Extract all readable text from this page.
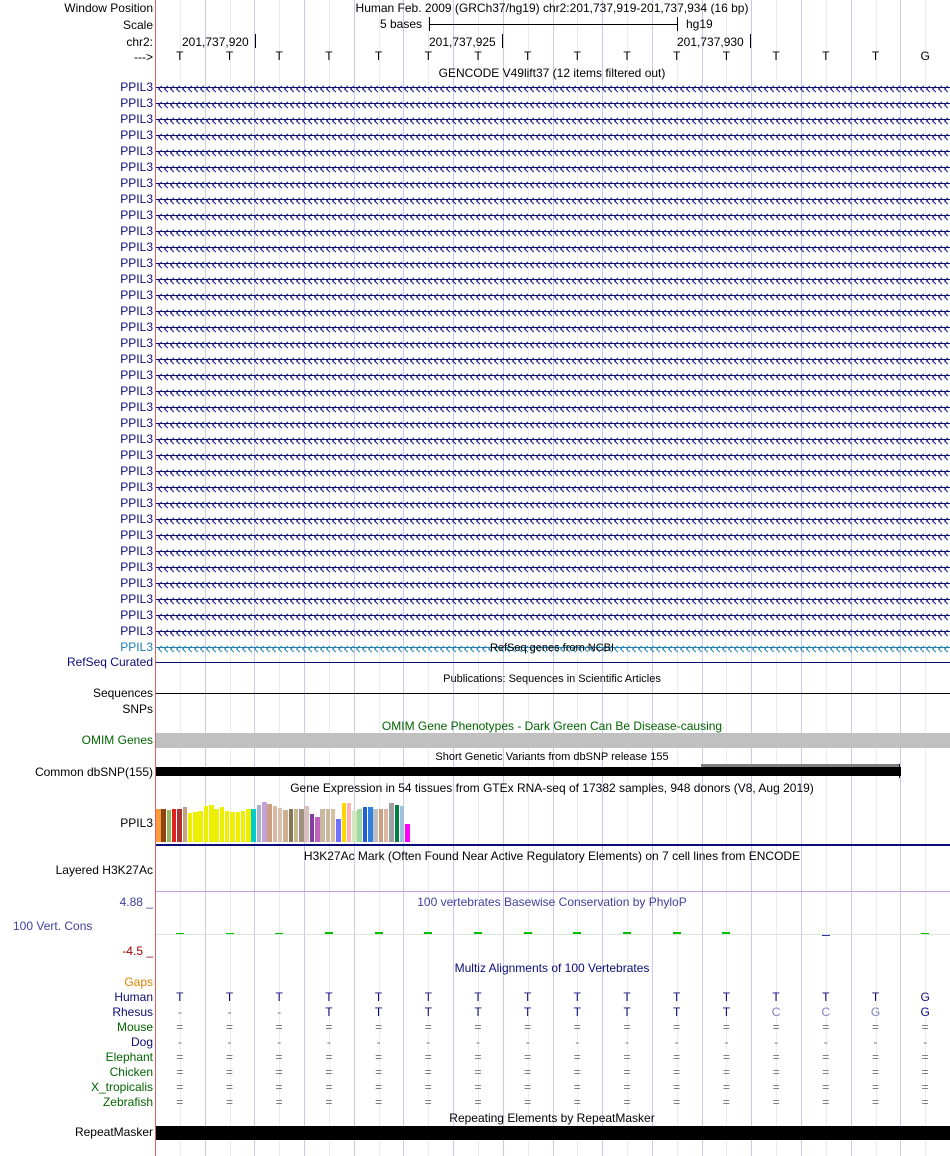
Window Position	Human Feb. 2009 (GRCh37/hg19) chr2:201,737,919-201,737,934 (16 bp)
Scale	5 bases	hg19
chr2: 201,737,920	201,737,925	201,737,930
---> T	T	T	T	T	T	T	T	T	T	T	T	T	T	T	G
GENCODE V49lift37 (12 items filtered out)
PPIL3
PPIL3
PPIL3
PPIL3
PPIL3
PPIL3
PPIL3
PPIL3
PPIL3
PPIL3
PPIL3
PPIL3
PPIL3
PPIL3
PPIL3
PPIL3
PPIL3
PPIL3
PPIL3
PPIL3
PPIL3
PPIL3
PPIL3
PPIL3
PPIL3
PPIL3
PPIL3
PPIL3
PPIL3
PPIL3
PPIL3
PPIL3
PPIL3
PPIL3
PPIL3
PPIL3	RefSeq genes from NCBI
RefSeq Curated
Publications: Sequences in Scientific Articles
Sequences
SNPs
OMIM Gene Phenotypes - Dark Green Can Be Disease-causing
OMIM Genes
Short Genetic Variants from dbSNP release 155
Common dbSNP(155)
Gene Expression in 54 tissues from GTEx RNA-seq of 17382 samples, 948 donors (V8, Aug 2019)
PPIL3
H3K27Ac Mark (Often Found Near Active Regulatory Elements) on 7 cell lines from ENCODE
Layered H3K27Ac
100 vertebrates Basewise Conservation by PhyloP
4.88 _
100 Vert. Cons
-4.5 _
Multiz Alignments of 100 Vertebrates
Gaps
Human T	T	T	T	T	T	T	T	T	T	T	T	T	T	T	G
Rhesus -	-	-	T	T	T	T	T	T	T	T	T	C	C	G	G
Mouse =	=	=	=	=	=	=	=	=	=	=	=	=	=	=	=
Dog -	-	-	-	-	-	-	-	-	-	-	-	-	-	-	-
Elephant =	=	=	=	=	=	=	=	=	=	=	=	=	=	=	=
Chicken =	=	=	=	=	=	=	=	=	=	=	=	=	=	=	=
X_tropicalis =	=	=	=	=	=	=	=	=	=	=	=	=	=	=	=
Zebrafish =	=	=	=	=	=	=	=	=	=	=	=	=	=	=	=
Repeating Elements by RepeatMasker
RepeatMasker
